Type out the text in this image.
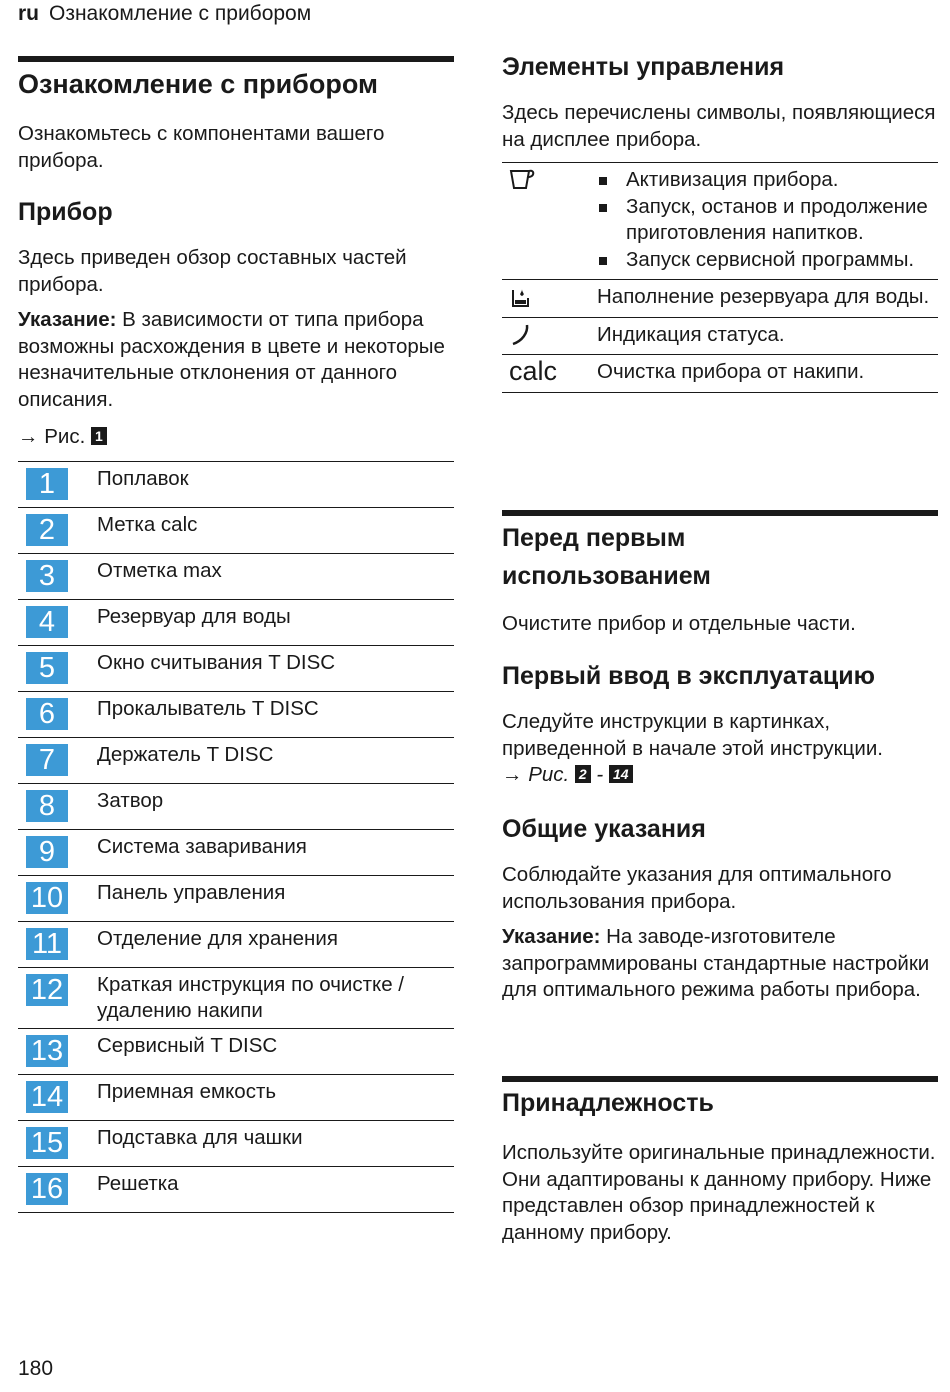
ru Ознакомление с прибором
Ознакомление с прибором

Ознакомьтесь с компонентами вашего прибора.

Прибор

Здесь приведен обзор составных частей прибора.

Указание: В зависимости от типа прибора возможны расхождения в цвете и некоторые незначительные отклонения от данного описания.

→ Рис. 1
1	Поплавок
2	Метка calc
3	Отметка max
4	Резервуар для воды
5	Окно считывания T DISC
6	Прокалыватель T DISC
7	Держатель T DISC
8	Затвор
9	Система заваривания
10 Панель управления
11 Отделение для хранения
12 Краткая инструкция по очистке / удалению накипи
13 Сервисный T DISC
14 Приемная емкость
15 Подставка для чашки
16 Решетка
Элементы управления

Здесь перечислены символы, появляющиеся на дисплее прибора.

Активизация прибора.
Запуск, останов и продолжение приготовления напитков.
Запуск сервисной программы.
Наполнение резервуара для воды.
Индикация статуса.
calc Очистка прибора от накипи.
Перед первым использованием

Очистите прибор и отдельные части.

Первый ввод в эксплуатацию

Следуйте инструкции в картинках, приведенной в начале этой инструкции.

→ Рис. 2 - 14
Общие указания

Соблюдайте указания для оптимального использования прибора.

Указание: На заводе-изготовителе запрограммированы стандартные настройки для оптимального режима работы прибора.

Принадлежность

Используйте оригинальные принадлежности. Они адаптированы к данному прибору. Ниже представлен обзор принадлежностей к данному прибору.

180
